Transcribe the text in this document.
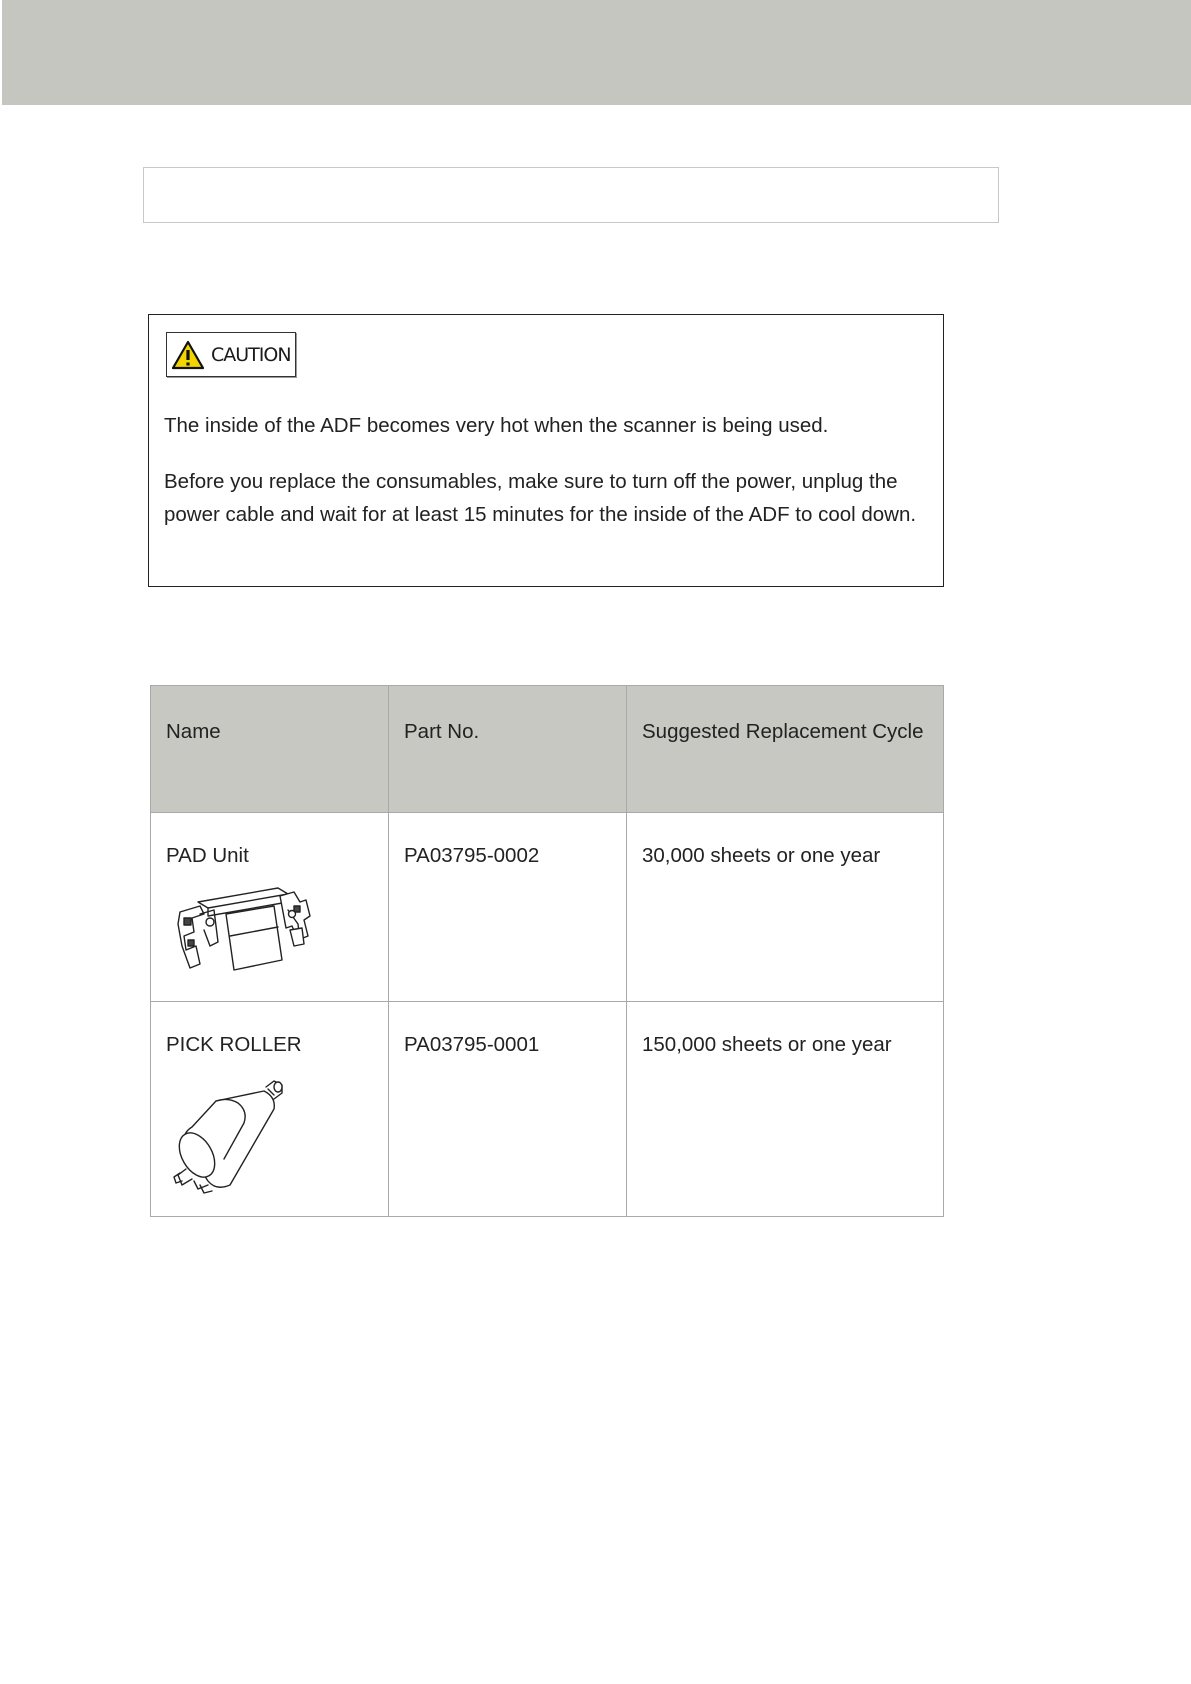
CAUTION

The inside of the ADF becomes very hot when the scanner is being used.

Before you replace the consumables, make sure to turn off the power, unplug the power cable and wait for at least 15 minutes for the inside of the ADF to cool down.

Name	Part No.	Suggested Replacement Cycle
PAD Unit	PA03795-0002	30,000 sheets or one year
PICK ROLLER	PA03795-0001	150,000 sheets or one year
